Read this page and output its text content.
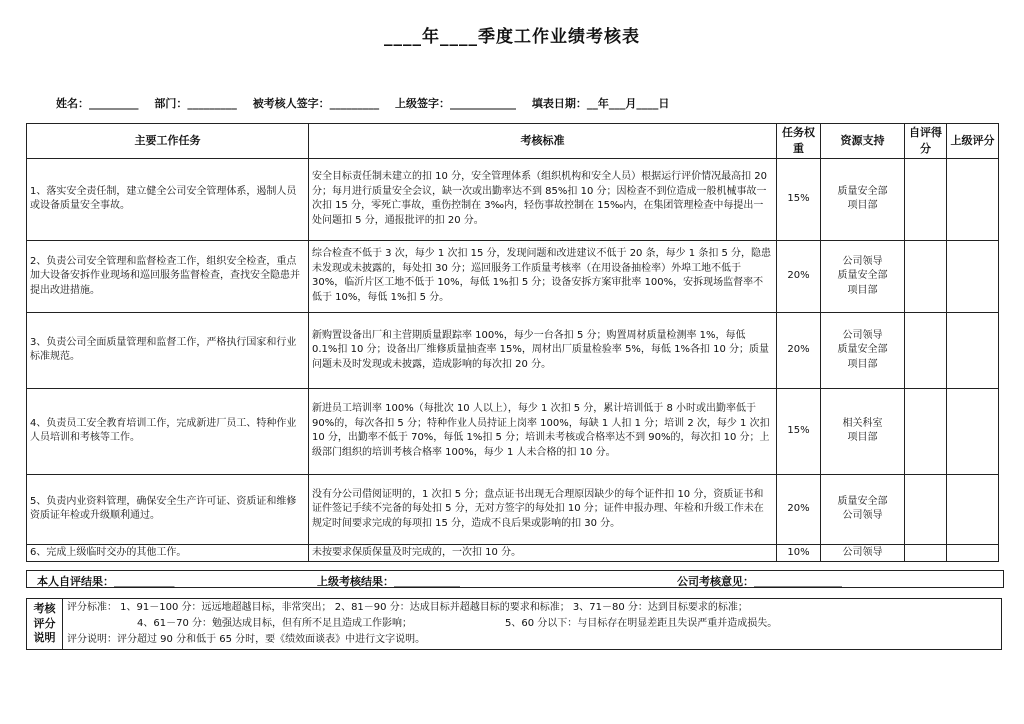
____年____季度工作业绩考核表
姓名：_________ 部门：_________ 被考核人签字：_________ 上级签字：____________ 填表日期：__年___月____日
主要工作任务	考核标准	任务权重	资源支持	自评得分	上级评分
1、落实安全责任制，建立健全公司安全管理体系，遏制人员或设备质量安全事故。	安全目标责任制未建立的扣 10 分，安全管理体系（组织机构和安全人员）根据运行评价情况最高扣 20 分；每月进行质量安全会议，缺一次或出勤率达不到 85%扣 10 分；因检查不到位造成一般机械事故一次扣 15 分，零死亡事故，重伤控制在 3‰内，轻伤事故控制在 15‰内，在集团管理检查中每提出一处问题扣 5 分，通报批评的扣 20 分。	15%	质量安全部
项目部		
2、负责公司安全管理和监督检查工作，组织安全检查，重点加大设备安拆作业现场和巡回服务监督检查，查找安全隐患并提出改进措施。	综合检查不低于 3 次，每少 1 次扣 15 分，发现问题和改进建议不低于 20 条，每少 1 条扣 5 分，隐患未发现或未披露的，每处扣 30 分；巡回服务工作质量考核率（在用设备抽检率）外埠工地不低于 30%，临沂片区工地不低于 10%，每低 1%扣 5 分；设备安拆方案审批率 100%，安拆现场监督率不低于 10%，每低 1%扣 5 分。	20%	公司领导
质量安全部
项目部		
3、负责公司全面质量管理和监督工作，严格执行国家和行业标准规范。	新购置设备出厂和主营期质量跟踪率 100%，每少一台各扣 5 分；购置周材质量检测率 1%，每低 0.1%扣 10 分；设备出厂维修质量抽查率 15%，周材出厂质量检验率 5%，每低 1%各扣 10 分；质量问题未及时发现或未披露，造成影响的每次扣 20 分。	20%	公司领导
质量安全部
项目部		
4、负责员工安全教育培训工作，完成新进厂员工、特种作业人员培训和考核等工作。	新进员工培训率 100%（每批次 10 人以上），每少 1 次扣 5 分，累计培训低于 8 小时或出勤率低于 90%的，每次各扣 5 分；特种作业人员持证上岗率 100%，每缺 1 人扣 1 分；培训 2 次，每少 1 次扣 10 分，出勤率不低于 70%，每低 1%扣 5 分；培训未考核或合格率达不到 90%的，每次扣 10 分；上级部门组织的培训考核合格率 100%，每少 1 人未合格的扣 10 分。	15%	相关科室
项目部		
5、负责内业资料管理，确保安全生产许可证、资质证和维修资质证年检或升级顺利通过。	没有分公司借阅证明的，1 次扣 5 分；盘点证书出现无合理原因缺少的每个证件扣 10 分，资质证书和证件签记手续不完备的每处扣 5 分，无对方签字的每处扣 10 分；证件申报办理、年检和升级工作未在规定时间要求完成的每项扣 15 分，造成不良后果或影响的扣 30 分。	20%	质量安全部
公司领导		
6、完成上级临时交办的其他工作。	未按要求保质保量及时完成的，一次扣 10 分。	10%	公司领导		
本人自评结果：___________	上级考核结果：____________	公司考核意见：________________
考核
评分
说明	
评分标准： 1、91－100 分：远远地超越目标，非常突出； 2、81－90 分：达成目标并超越目标的要求和标准； 3、71－80 分：达到目标要求的标准；
4、61－70 分：勉强达成目标，但有所不足且造成工作影响；	5、60 分以下：与目标存在明显差距且失误严重并造成损失。
评分说明：评分超过 90 分和低于 65 分时，要《绩效面谈表》中进行文字说明。
